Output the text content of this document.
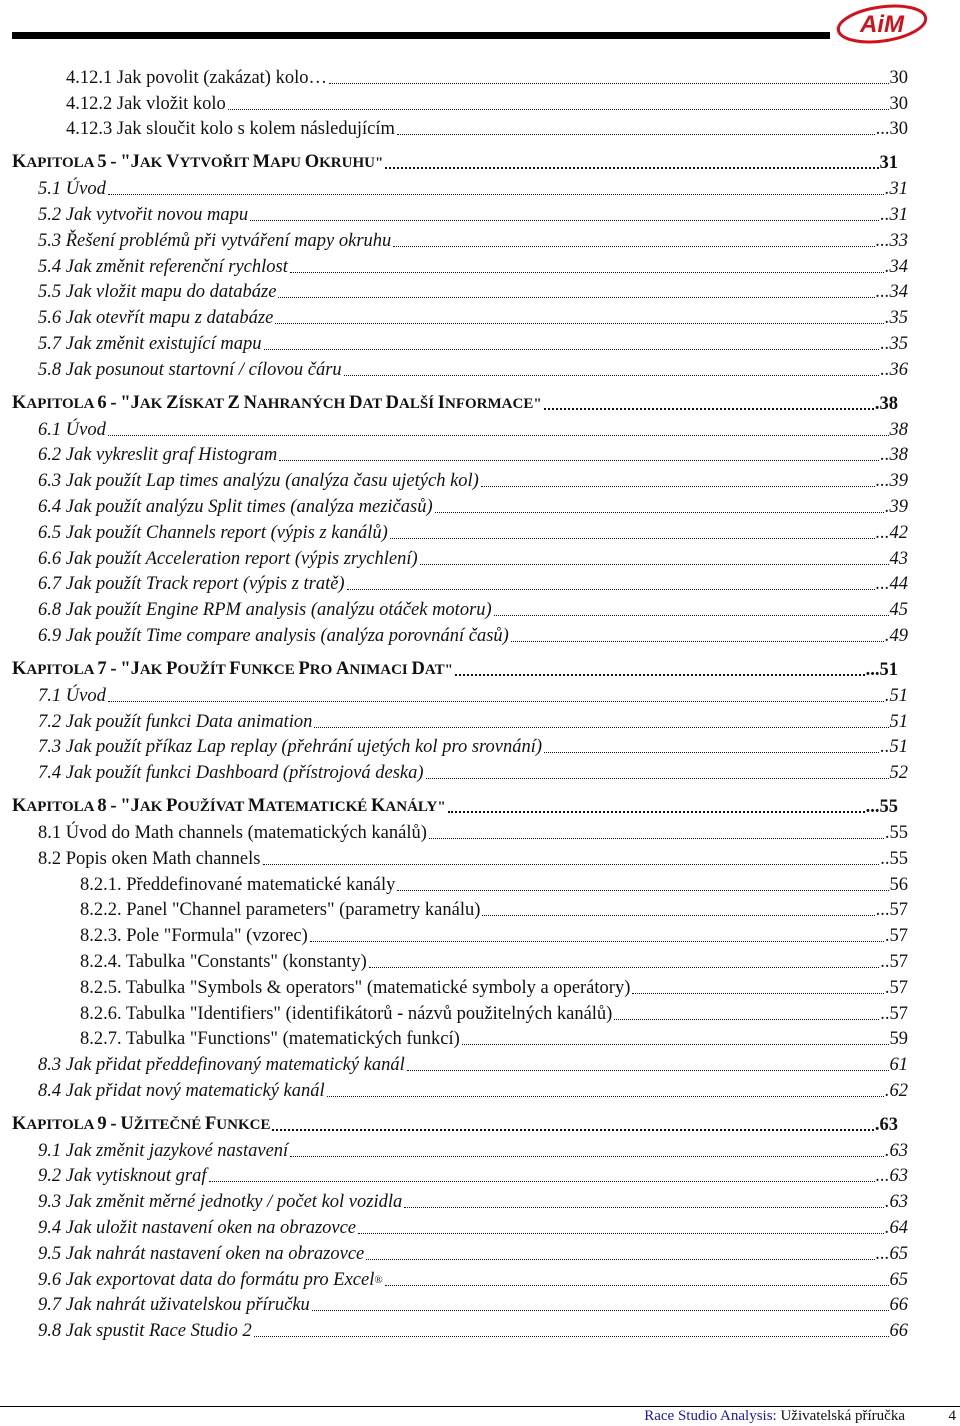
AiM
4.12.1 Jak povolit (zakázat) kolo…	30
4.12.2 Jak vložit kolo	30
4.12.3 Jak sloučit kolo s kolem následujícím	...30
KAPITOLA 5 - "JAK VYTVOŘIT MAPU OKRUHU"	31
5.1 Úvod	.31
5.2 Jak vytvořit novou mapu	..31
5.3 Řešení problémů při vytváření mapy okruhu	...33
5.4 Jak změnit referenční rychlost	.34
5.5 Jak vložit mapu do databáze	...34
5.6 Jak otevřít mapu z databáze	.35
5.7 Jak změnit existující mapu	..35
5.8 Jak posunout startovní / cílovou čáru	..36
KAPITOLA 6 - "JAK ZÍSKAT Z NAHRANÝCH DAT DALŠÍ INFORMACE"	.38
6.1 Úvod	38
6.2 Jak vykreslit graf Histogram	..38
6.3 Jak použít Lap times analýzu (analýza času ujetých kol)	...39
6.4 Jak použít analýzu Split times (analýza mezičasů)	.39
6.5 Jak použít Channels report (výpis z kanálů)	...42
6.6 Jak použít Acceleration report (výpis zrychlení)	43
6.7 Jak použít Track report (výpis z tratě)	...44
6.8 Jak použít Engine RPM analysis (analýzu otáček motoru)	45
6.9 Jak použít Time compare analysis (analýza porovnání časů)	.49
KAPITOLA 7 - "JAK POUŽÍT FUNKCE PRO ANIMACI DAT"	...51
7.1 Úvod	.51
7.2 Jak použít funkci Data animation	51
7.3 Jak použít příkaz Lap replay (přehrání ujetých kol pro srovnání)	..51
7.4 Jak použít funkci Dashboard (přístrojová deska)	52
KAPITOLA 8 - "JAK POUŽÍVAT MATEMATICKÉ KANÁLY"	...55
8.1 Úvod do Math channels (matematických kanálů)	.55
8.2 Popis oken Math channels	..55
8.2.1. Předdefinované matematické kanály	56
8.2.2. Panel "Channel parameters" (parametry kanálu)	...57
8.2.3. Pole "Formula" (vzorec)	.57
8.2.4. Tabulka "Constants" (konstanty)	..57
8.2.5. Tabulka "Symbols & operators" (matematické symboly a operátory)	.57
8.2.6. Tabulka "Identifiers" (identifikátorů - názvů použitelných kanálů)	..57
8.2.7. Tabulka "Functions" (matematických funkcí)	59
8.3 Jak přidat předdefinovaný matematický kanál	61
8.4 Jak přidat nový matematický kanál	.62
KAPITOLA 9 - UŽITEČNÉ FUNKCE	.63
9.1 Jak změnit jazykové nastavení	.63
9.2 Jak vytisknout graf	...63
9.3 Jak změnit měrné jednotky / počet kol vozidla	.63
9.4 Jak uložit nastavení oken na obrazovce	.64
9.5 Jak nahrát nastavení oken na obrazovce	...65
9.6 Jak exportovat data do formátu pro Excel ®	65
9.7 Jak nahrát uživatelskou příručku	66
9.8 Jak spustit Race Studio 2	66
Race Studio Analysis: Uživatelská příručka	4
